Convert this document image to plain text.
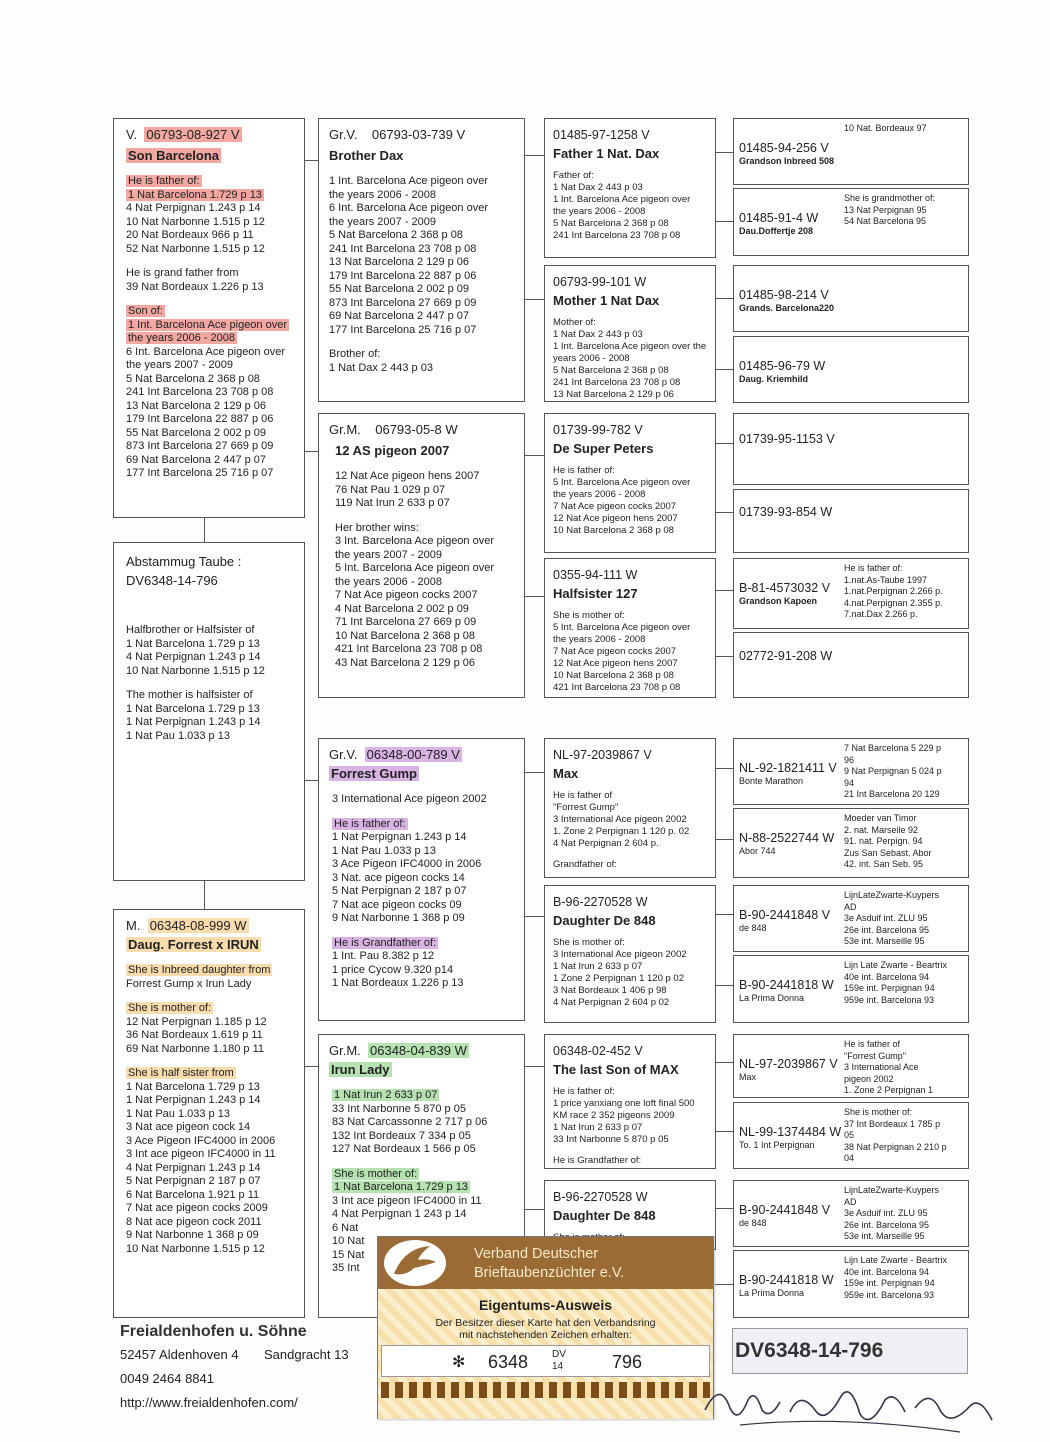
V. 06793-08-927 V
Son Barcelona
He is father of:
1 Nat Barcelona 1.729 p 13
4 Nat Perpignan 1.243 p 14
10 Nat Narbonne 1.515 p 12
20 Nat Bordeaux 966 p 11
52 Nat Narbonne 1.515 p 12
He is grand father from
39 Nat Bordeaux 1.226 p 13
Son of:
1 Int. Barcelona Ace pigeon over
the years 2006 - 2008
6 Int. Barcelona Ace pigeon over
the years 2007 - 2009
5 Nat Barcelona 2 368 p 08
241 Int Barcelona 23 708 p 08
13 Nat Barcelona 2 129 p 06
179 Int Barcelona 22 887 p 06
55 Nat Barcelona 2 002 p 09
873 Int Barcelona 27 669 p 09
69 Nat Barcelona 2 447 p 07
177 Int Barcelona 25 716 p 07
Abstammug Taube :
DV6348-14-796
Halfbrother or Halfsister of
1 Nat Barcelona 1.729 p 13
4 Nat Perpignan 1.243 p 14
10 Nat Narbonne 1.515 p 12
The mother is halfsister of
1 Nat Barcelona 1.729 p 13
1 Nat Perpignan 1.243 p 14
1 Nat Pau 1.033 p 13
M. 06348-08-999 W
Daug. Forrest x IRUN
She is Inbreed daughter from
Forrest Gump x Irun Lady
She is mother of:
12 Nat Perpignan 1.185 p 12
36 Nat Bordeaux 1.619 p 11
69 Nat Narbonne 1.180 p 11
She is half sister from
1 Nat Barcelona 1.729 p 13
1 Nat Perpignan 1.243 p 14
1 Nat Pau 1.033 p 13
3 Nat ace pigeon cock 14
3 Ace Pigeon IFC4000 in 2006
3 Int ace pigeon IFC4000 in 11
4 Nat Perpignan 1.243 p 14
5 Nat Perpignan 2 187 p 07
6 Nat Barcelona 1.921 p 11
7 Nat ace pigeon cocks 2009
8 Nat ace pigeon cock 2011
9 Nat Narbonne 1 368 p 09
10 Nat Narbonne 1.515 p 12
Gr.V. 06793-03-739 V
Brother Dax
1 Int. Barcelona Ace pigeon over
the years 2006 - 2008
6 Int. Barcelona Ace pigeon over
the years 2007 - 2009
5 Nat Barcelona 2 368 p 08
241 Int Barcelona 23 708 p 08
13 Nat Barcelona 2 129 p 06
179 Int Barcelona 22 887 p 06
55 Nat Barcelona 2 002 p 09
873 Int Barcelona 27 669 p 09
69 Nat Barcelona 2 447 p 07
177 Int Barcelona 25 716 p 07
Brother of:
1 Nat Dax 2 443 p 03
Gr.M. 06793-05-8 W
12 AS pigeon 2007
12 Nat Ace pigeon hens 2007
76 Nat Pau 1 029 p 07
119 Nat Irun 2 633 p 07
Her brother wins:
3 Int. Barcelona Ace pigeon over
the years 2007 - 2009
5 Int. Barcelona Ace pigeon over
the years 2006 - 2008
7 Nat Ace pigeon cocks 2007
4 Nat Barcelona 2 002 p 09
71 Int Barcelona 27 669 p 09
10 Nat Barcelona 2 368 p 08
421 Int Barcelona 23 708 p 08
43 Nat Barcelona 2 129 p 06
Gr.V. 06348-00-789 V
Forrest Gump
3 International Ace pigeon 2002
He is father of:
1 Nat Perpignan 1.243 p 14
1 Nat Pau 1.033 p 13
3 Ace Pigeon IFC4000 in 2006
3 Nat. ace pigeon cocks 14
5 Nat Perpignan 2 187 p 07
7 Nat ace pigeon cocks 09
9 Nat Narbonne 1 368 p 09
He is Grandfather of:
1 Int. Pau 8.382 p 12
1 price Cycow 9.320 p14
1 Nat Bordeaux 1.226 p 13
Gr.M. 06348-04-839 W
Irun Lady
1 Nat Irun 2 633 p 07
33 Int Narbonne 5 870 p 05
83 Nat Carcassonne 2 717 p 06
132 Int Bordeaux 7 334 p 05
127 Nat Bordeaux 1 566 p 05
She is mother of:
1 Nat Barcelona 1.729 p 13
3 Int ace pigeon IFC4000 in 11
4 Nat Perpignan 1 243 p 14
6 Nat
10 Nat
15 Nat
35 Int
01485-97-1258 V
Father 1 Nat. Dax
Father of:
1 Nat Dax 2 443 p 03
1 Int. Barcelona Ace pigeon over
the years 2006 - 2008
5 Nat Barcelona 2 368 p 08
241 Int Barcelona 23 708 p 08
06793-99-101 W
Mother 1 Nat Dax
Mother of:
1 Nat Dax 2 443 p 03
1 Int. Barcelona Ace pigeon over the
years 2006 - 2008
5 Nat Barcelona 2 368 p 08
241 Int Barcelona 23 708 p 08
13 Nat Barcelona 2 129 p 06
01739-99-782 V
De Super Peters
He is father of:
5 Int. Barcelona Ace pigeon over
the years 2006 - 2008
7 Nat Ace pigeon cocks 2007
12 Nat Ace pigeon hens 2007
10 Nat Barcelona 2 368 p 08
0355-94-111 W
Halfsister 127
She is mother of:
5 Int. Barcelona Ace pigeon over
the years 2006 - 2008
7 Nat Ace pigeon cocks 2007
12 Nat Ace pigeon hens 2007
10 Nat Barcelona 2 368 p 08
421 Int Barcelona 23 708 p 08
NL-97-2039867 V
Max
He is father of
"Forrest Gump"
3 International Ace pigeon 2002
1. Zone 2 Perpignan 1 120 p. 02
4 Nat Perpignan 2 604 p.
Grandfather of:
B-96-2270528 W
Daughter De 848
She is mother of:
3 International Ace pigeon 2002
1 Nat Irun 2 633 p 07
1 Zone 2 Perpignan 1 120 p 02
3 Nat Bordeaux 1 406 p 98
4 Nat Perpignan 2 604 p 02
06348-02-452 V
The last Son of MAX
He is father of:
1 price yanxiang one loft final 500
KM race 2 352 pigeons 2009
1 Nat Irun 2 633 p 07
33 Int Narbonne 5 870 p 05
He is Grandfather of:
B-96-2270528 W
Daughter De 848
10 Nat. Bordeaux 97
01485-94-256 V
Grandson Inbreed 508
She is grandmother of:
13 Nat Perpignan 95
54 Nat Barcelona 95
01485-91-4 W
Dau.Doffertje 208
01485-98-214 V
Grands. Barcelona220
01485-96-79 W
Daug. Kriemhild
01739-95-1153 V
01739-93-854 W
He is father of:
1.nat.As-Taube 1997
1.nat.Perpignan 2.266 p.
4.nat.Perpignan 2.355 p.
7.nat.Dax 2.266 p.
B-81-4573032 V
Grandson Kapoen
02772-91-208 W
7 Nat Barcelona 5 229 p
96
9 Nat Perpignan 5 024 p
94
21 Int Barcelona 20 129
NL-92-1821411 V
Bonte Marathon
Moeder van Timor
2. nat. Marseile 92
91. nat. Perpign. 94
Zus San Sebast. Abor
42. int. San Seb. 95
N-88-2522744 W
Abor 744
LijnLateZwarte-Kuypers
AD
3e Asduif int. ZLU 95
26e int. Barcelona 95
53e int. Marseille 95
B-90-2441848 V
de 848
Lijn Late Zwarte - Beartrix
40e int. Barcelona 94
159e int. Perpignan 94
959e int. Barcelona 93
B-90-2441818 W
La Prima Donna
He is father of
"Forrest Gump"
3 International Ace
pigeon 2002
1. Zone 2 Perpignan 1
NL-97-2039867 V
Max
She is mother of:
37 Int Bordeaux 1 785 p
05
38 Nat Perpignan 2 210 p
04
NL-99-1374484 W
To. 1 Int Perpignan
LijnLateZwarte-Kuypers
AD
3e Asduif int. ZLU 95
26e int. Barcelona 95
53e int. Marseille 95
B-90-2441848 V
de 848
Lijn Late Zwarte - Beartrix
40e int. Barcelona 94
159e int. Perpignan 94
959e int. Barcelona 93
B-90-2441818 W
La Prima Donna
Freialdenhofen u. Söhne
52457 Aldenhoven 4 Sandgracht 13
0049 2464 8841
http://www.freialdenhofen.com/
DV6348-14-796
Verband Deutscher
Brieftaubenzüchter e.V.
Eigentums-Ausweis
Der Besitzer dieser Karte hat den Verbandsring
mit nachstehenden Zeichen erhalten:
✻ 6348 DV
14	796
